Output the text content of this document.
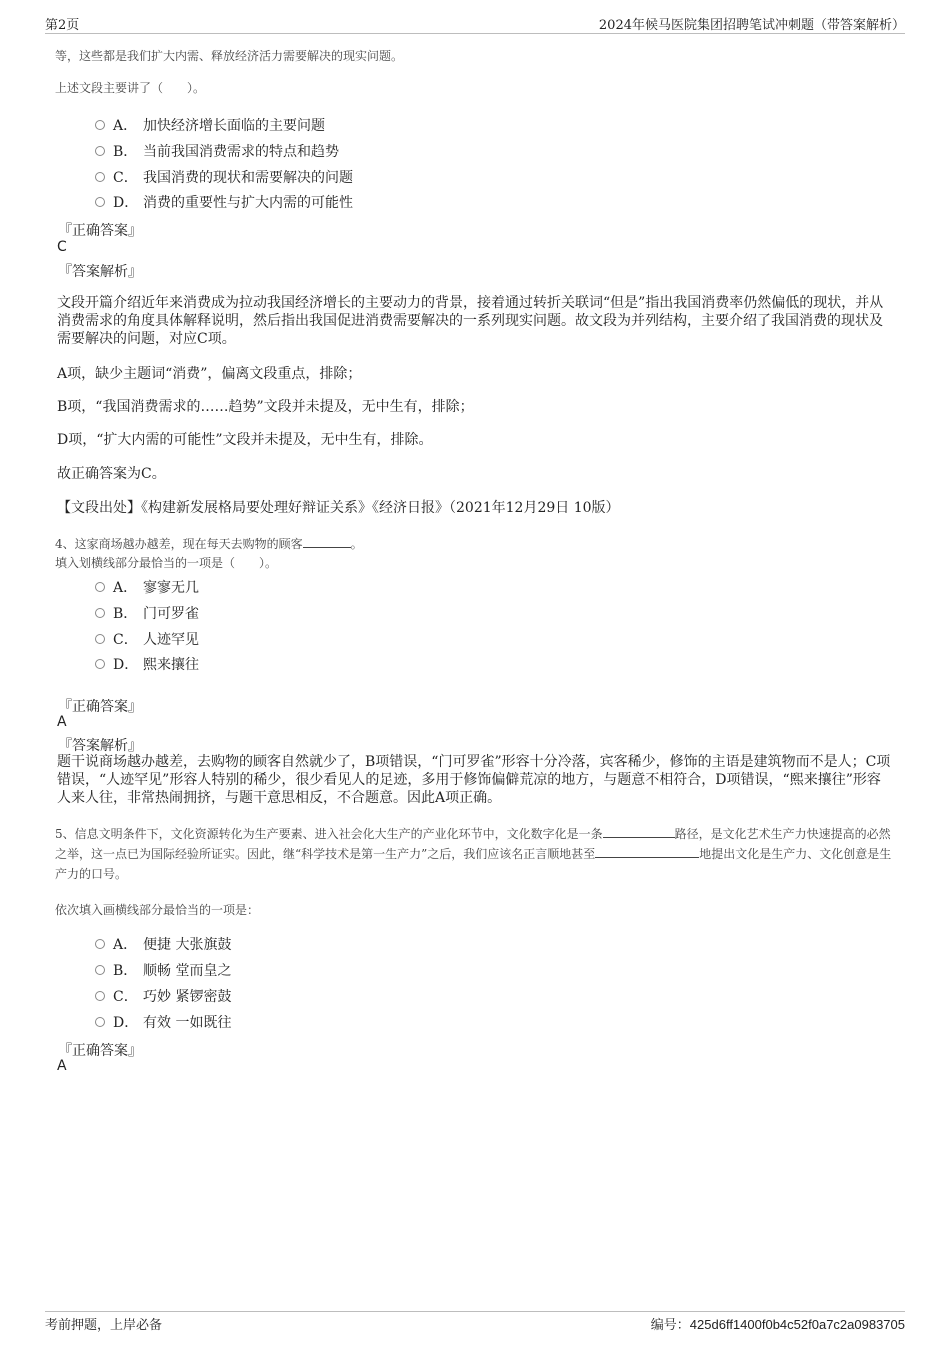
第2页	2024年候马医院集团招聘笔试冲刺题（带答案解析）
等，这些都是我们扩大内需、释放经济活力需要解决的现实问题。
上述文段主要讲了（　　）。
A． 加快经济增长面临的主要问题
B． 当前我国消费需求的特点和趋势
C． 我国消费的现状和需要解决的问题
D． 消费的重要性与扩大内需的可能性
『正确答案』
C
『答案解析』
文段开篇介绍近年来消费成为拉动我国经济增长的主要动力的背景，接着通过转折关联词“但是”指出我国消费率仍然偏低的现状，并从消费需求的角度具体解释说明，然后指出我国促进消费需要解决的一系列现实问题。故文段为并列结构，主要介绍了我国消费的现状及需要解决的问题，对应C项。
A项，缺少主题词“消费”，偏离文段重点，排除；
B项，“我国消费需求的……趋势”文段并未提及，无中生有，排除；
D项，“扩大内需的可能性”文段并未提及，无中生有，排除。
故正确答案为C。
【文段出处】《构建新发展格局要处理好辩证关系》《经济日报》（2021年12月29日 10版）
4、这家商场越办越差，现在每天去购物的顾客	。
填入划横线部分最恰当的一项是（　　）。
A． 寥寥无几
B． 门可罗雀
C． 人迹罕见
D． 熙来攘往
『正确答案』
A
『答案解析』
题干说商场越办越差，去购物的顾客自然就少了，B项错误，“门可罗雀”形容十分冷落，宾客稀少，修饰的主语是建筑物而不是人；C项错误，“人迹罕见”形容人特别的稀少，很少看见人的足迹，多用于修饰偏僻荒凉的地方，与题意不相符合，D项错误，“熙来攘往”形容人来人往，非常热闹拥挤，与题干意思相反，不合题意。因此A项正确。
5、信息文明条件下，文化资源转化为生产要素、进入社会化大生产的产业化环节中，文化数字化是一条	路径，是文化艺术生产力快速提高的必然之举，这一点已为国际经验所证实。因此，继“科学技术是第一生产力”之后，我们应该名正言顺地甚至	地提出文化是生产力、文化创意是生产力的口号。
依次填入画横线部分最恰当的一项是：
A． 便捷 大张旗鼓
B． 顺畅 堂而皇之
C． 巧妙 紧锣密鼓
D． 有效 一如既往
『正确答案』
A
考前押题，上岸必备	编号：425d6ff1400f0b4c52f0a7c2a0983705
